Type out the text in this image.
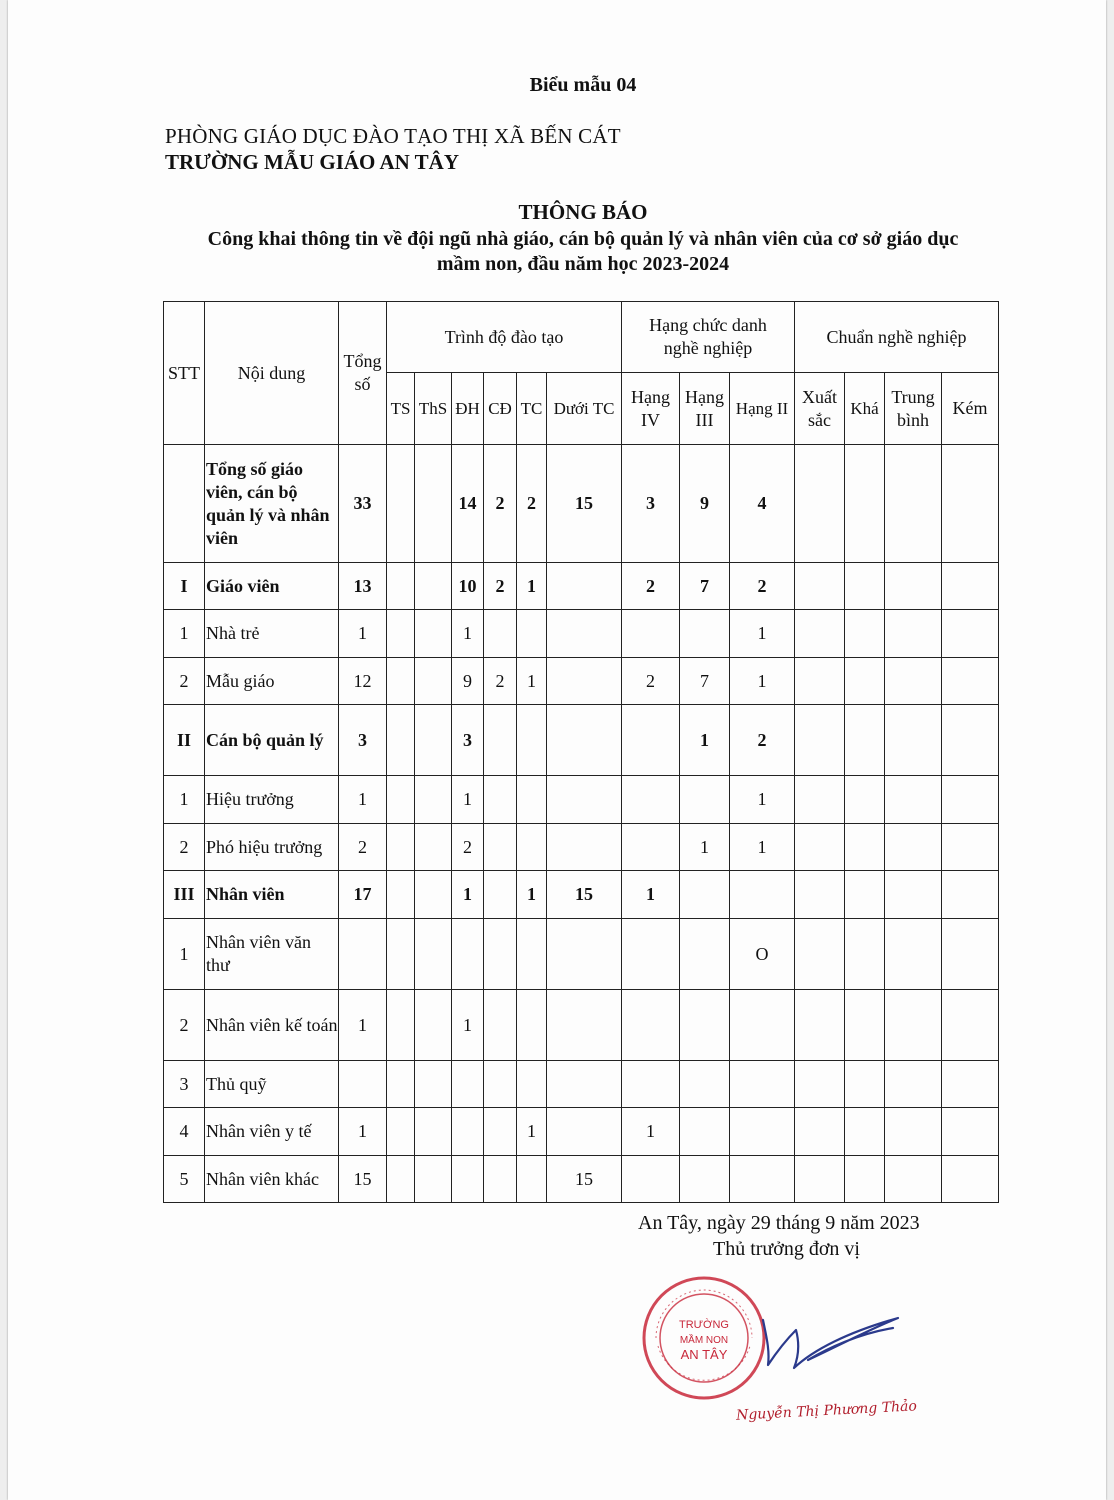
Biểu mẫu 04
PHÒNG GIÁO DỤC ĐÀO TẠO THỊ XÃ BẾN CÁT
TRƯỜNG MẪU GIÁO AN TÂY
THÔNG BÁO
Công khai thông tin về đội ngũ nhà giáo, cán bộ quản lý và nhân viên của cơ sở giáo dục
mầm non, đầu năm học 2023-2024
STT	Nội dung	Tổng số	Trình độ đào tạo						Hạng chức danh nghề nghiệp			Chuẩn nghề nghiệp			
			TS	ThS	ĐH	CĐ	TC	Dưới TC	Hạng IV	Hạng III	Hạng II	Xuất sắc	Khá	Trung bình	Kém
	Tổng số giáo viên, cán bộ quản lý và nhân viên	33			14	2	2	15	3	9	4				
I	Giáo viên	13			10	2	1		2	7	2				
1	Nhà trẻ	1			1						1				
2	Mẫu giáo	12			9	2	1		2	7	1				
II	Cán bộ quản lý	3			3					1	2				
1	Hiệu trưởng	1			1						1				
2	Phó hiệu trưởng	2			2					1	1				
III	Nhân viên	17			1		1	15	1						
1	Nhân viên văn thư										O				
2	Nhân viên kế toán	1			1										
3	Thủ quỹ														
4	Nhân viên y tế	1					1		1						
5	Nhân viên khác	15						15							
An Tây, ngày 29 tháng 9 năm 2023
Thủ trưởng đơn vị
TRƯỜNG
MẦM NON
AN TÂY
Nguyễn Thị Phương Thảo
